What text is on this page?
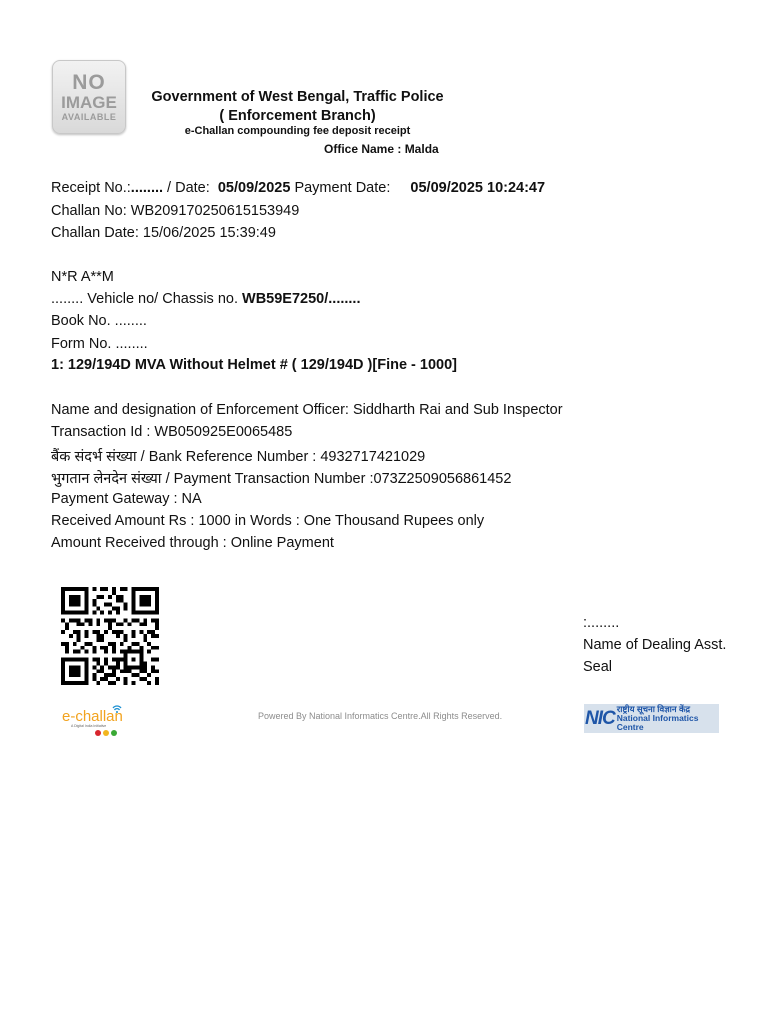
NO
IMAGE
AVAILABLE
Government of West Bengal, Traffic Police
( Enforcement Branch)
e-Challan compounding fee deposit receipt
Office Name : Malda
Receipt No.:........ / Date:  05/09/2025 Payment Date:  05/09/2025 10:24:47
Challan No: WB209170250615153949
Challan Date: 15/06/2025 15:39:49
N*R A**M
........ Vehicle no/ Chassis no. WB59E7250/........
Book No. ........
Form No. ........
1: 129/194D MVA Without Helmet # ( 129/194D )[Fine - 1000]
Name and designation of Enforcement Officer: Siddharth Rai and Sub Inspector
Transaction Id : WB050925E0065485
बैंक संदर्भ संख्या / Bank Reference Number : 4932717421029
भुगतान लेनदेन संख्या / Payment Transaction Number :073Z2509056861452
Payment Gateway : NA
Received Amount Rs : 1000 in Words : One Thousand Rupees only
Amount Received through : Online Payment
:........
Name of Dealing Asst.
Seal
e-challan
A Digital India Initiative
Powered By National Informatics Centre.All Rights Reserved.	NIC राष्ट्रीय सूचना विज्ञान केंद्र
National Informatics Centre
